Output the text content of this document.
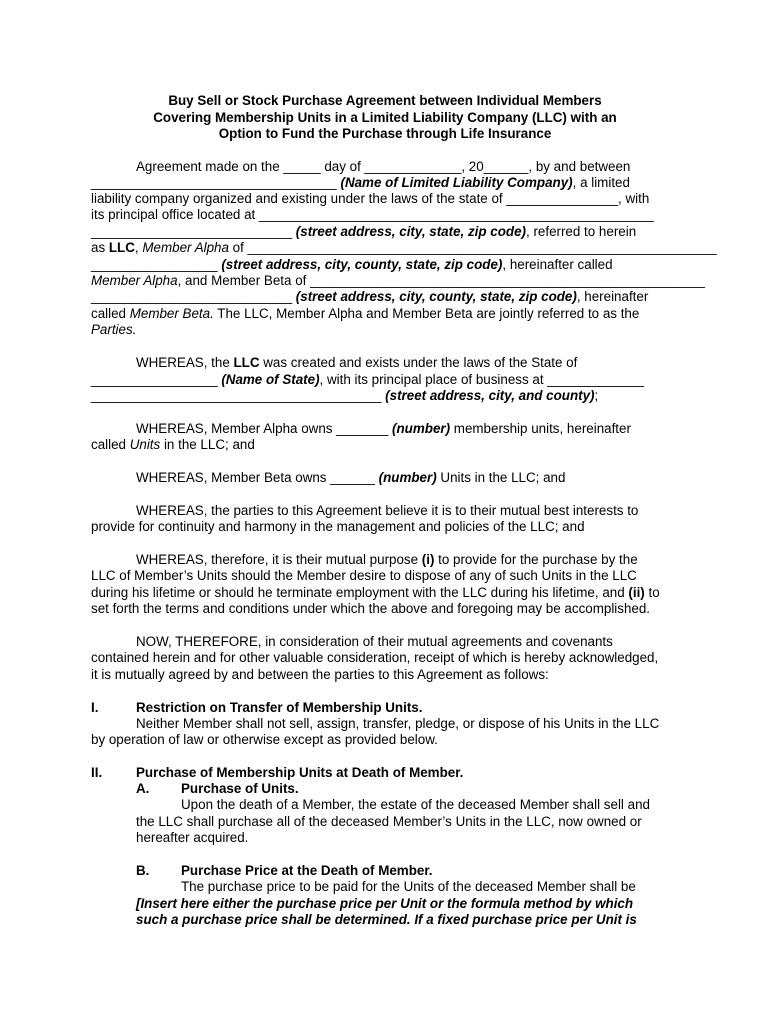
Buy Sell or Stock Purchase Agreement between Individual Members
Covering Membership Units in a Limited Liability Company (LLC) with an
Option to Fund the Purchase through Life Insurance
Agreement made on the _____ day of _____________, 20______, by and between
_________________________________ (Name of Limited Liability Company), a limited
liability company organized and existing under the laws of the state of _______________, with
its principal office located at _____________________________________________________
___________________________ (street address, city, state, zip code), referred to herein
as LLC, Member Alpha of _______________________________________________________________
_________________ (street address, city, county, state, zip code), hereinafter called
Member Alpha, and Member Beta of _____________________________________________________
___________________________ (street address, city, county, state, zip code), hereinafter
called Member Beta. The LLC, Member Alpha and Member Beta are jointly referred to as the
Parties.
WHEREAS, the LLC was created and exists under the laws of the State of
_________________ (Name of State), with its principal place of business at _____________
_______________________________________ (street address, city, and county);
WHEREAS, Member Alpha owns _______ (number) membership units, hereinafter
called Units in the LLC; and
WHEREAS, Member Beta owns ______ (number) Units in the LLC; and
WHEREAS, the parties to this Agreement believe it is to their mutual best interests to
provide for continuity and harmony in the management and policies of the LLC; and
WHEREAS, therefore, it is their mutual purpose (i) to provide for the purchase by the
LLC of Member’s Units should the Member desire to dispose of any of such Units in the LLC
during his lifetime or should he terminate employment with the LLC during his lifetime, and (ii) to
set forth the terms and conditions under which the above and foregoing may be accomplished.
NOW, THEREFORE, in consideration of their mutual agreements and covenants
contained herein and for other valuable consideration, receipt of which is hereby acknowledged,
it is mutually agreed by and between the parties to this Agreement as follows:
I.	Restriction on Transfer of Membership Units.
Neither Member shall not sell, assign, transfer, pledge, or dispose of his Units in the LLC
by operation of law or otherwise except as provided below.
II.	Purchase of Membership Units at Death of Member.
A. Purchase of Units.
Upon the death of a Member, the estate of the deceased Member shall sell and
the LLC shall purchase all of the deceased Member’s Units in the LLC, now owned or
hereafter acquired.
B. Purchase Price at the Death of Member.
The purchase price to be paid for the Units of the deceased Member shall be
[Insert here either the purchase price per Unit or the formula method by which
such a purchase price shall be determined. If a fixed purchase price per Unit is
